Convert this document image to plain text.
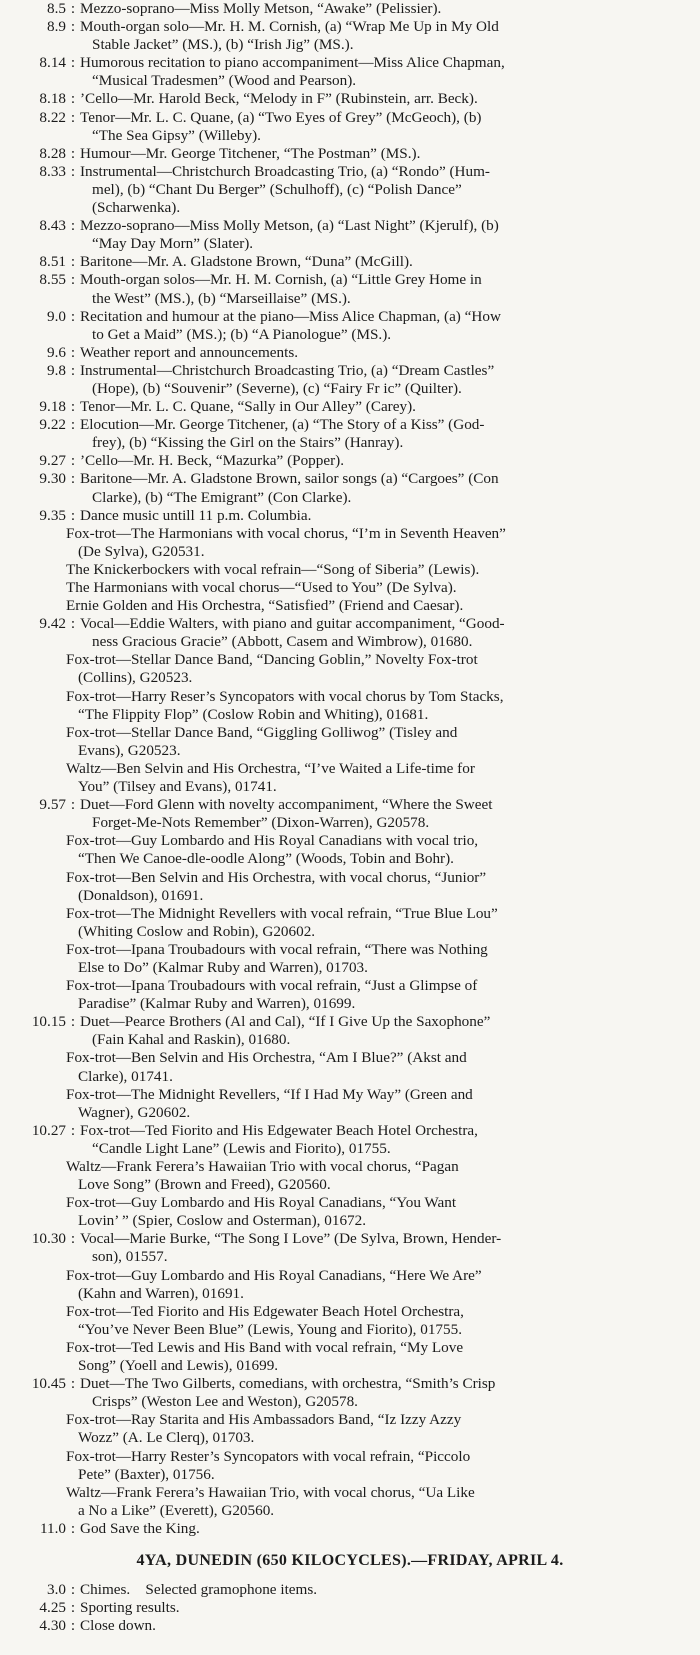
8.5 : Mezzo-soprano—Miss Molly Metson, “Awake” (Pelissier).
8.9 : Mouth-organ solo—Mr. H. M. Cornish, (a) “Wrap Me Up in My Old
Stable Jacket” (MS.), (b) “Irish Jig” (MS.).
8.14 : Humorous recitation to piano accompaniment—Miss Alice Chapman,
“Musical Tradesmen” (Wood and Pearson).
8.18 : ’Cello—Mr. Harold Beck, “Melody in F” (Rubinstein, arr. Beck).
8.22 : Tenor—Mr. L. C. Quane, (a) “Two Eyes of Grey” (McGeoch), (b)
“The Sea Gipsy” (Willeby).
8.28 : Humour—Mr. George Titchener, “The Postman” (MS.).
8.33 : Instrumental—Christchurch Broadcasting Trio, (a) “Rondo” (Hum-
mel), (b) “Chant Du Berger” (Schulhoff), (c) “Polish Dance”
(Scharwenka).
8.43 : Mezzo-soprano—Miss Molly Metson, (a) “Last Night” (Kjerulf), (b)
“May Day Morn” (Slater).
8.51 : Baritone—Mr. A. Gladstone Brown, “Duna” (McGill).
8.55 : Mouth-organ solos—Mr. H. M. Cornish, (a) “Little Grey Home in
the West” (MS.), (b) “Marseillaise” (MS.).
9.0 : Recitation and humour at the piano—Miss Alice Chapman, (a) “How
to Get a Maid” (MS.); (b) “A Pianologue” (MS.).
9.6 : Weather report and announcements.
9.8 : Instrumental—Christchurch Broadcasting Trio, (a) “Dream Castles”
(Hope), (b) “Souvenir” (Severne), (c) “Fairy Fr ic” (Quilter).
9.18 : Tenor—Mr. L. C. Quane, “Sally in Our Alley” (Carey).
9.22 : Elocution—Mr. George Titchener, (a) “The Story of a Kiss” (God-
frey), (b) “Kissing the Girl on the Stairs” (Hanray).
9.27 : ’Cello—Mr. H. Beck, “Mazurka” (Popper).
9.30 : Baritone—Mr. A. Gladstone Brown, sailor songs (a) “Cargoes” (Con
Clarke), (b) “The Emigrant” (Con Clarke).
9.35 : Dance music untill 11 p.m. Columbia.
Fox-trot—The Harmonians with vocal chorus, “I’m in Seventh Heaven”
(De Sylva), G20531.
The Knickerbockers with vocal refrain—“Song of Siberia” (Lewis).
The Harmonians with vocal chorus—“Used to You” (De Sylva).
Ernie Golden and His Orchestra, “Satisfied” (Friend and Caesar).
9.42 : Vocal—Eddie Walters, with piano and guitar accompaniment, “Good-
ness Gracious Gracie” (Abbott, Casem and Wimbrow), 01680.
Fox-trot—Stellar Dance Band, “Dancing Goblin,” Novelty Fox-trot
(Collins), G20523.
Fox-trot—Harry Reser’s Syncopators with vocal chorus by Tom Stacks,
“The Flippity Flop” (Coslow Robin and Whiting), 01681.
Fox-trot—Stellar Dance Band, “Giggling Golliwog” (Tisley and
Evans), G20523.
Waltz—Ben Selvin and His Orchestra, “I’ve Waited a Life-time for
You” (Tilsey and Evans), 01741.
9.57 : Duet—Ford Glenn with novelty accompaniment, “Where the Sweet
Forget-Me-Nots Remember” (Dixon-Warren), G20578.
Fox-trot—Guy Lombardo and His Royal Canadians with vocal trio,
“Then We Canoe-dle-oodle Along” (Woods, Tobin and Bohr).
Fox-trot—Ben Selvin and His Orchestra, with vocal chorus, “Junior”
(Donaldson), 01691.
Fox-trot—The Midnight Revellers with vocal refrain, “True Blue Lou”
(Whiting Coslow and Robin), G20602.
Fox-trot—Ipana Troubadours with vocal refrain, “There was Nothing
Else to Do” (Kalmar Ruby and Warren), 01703.
Fox-trot—Ipana Troubadours with vocal refrain, “Just a Glimpse of
Paradise” (Kalmar Ruby and Warren), 01699.
10.15 : Duet—Pearce Brothers (Al and Cal), “If I Give Up the Saxophone”
(Fain Kahal and Raskin), 01680.
Fox-trot—Ben Selvin and His Orchestra, “Am I Blue?” (Akst and
Clarke), 01741.
Fox-trot—The Midnight Revellers, “If I Had My Way” (Green and
Wagner), G20602.
10.27 : Fox-trot—Ted Fiorito and His Edgewater Beach Hotel Orchestra,
“Candle Light Lane” (Lewis and Fiorito), 01755.
Waltz—Frank Ferera’s Hawaiian Trio with vocal chorus, “Pagan
Love Song” (Brown and Freed), G20560.
Fox-trot—Guy Lombardo and His Royal Canadians, “You Want
Lovin’ ” (Spier, Coslow and Osterman), 01672.
10.30 : Vocal—Marie Burke, “The Song I Love” (De Sylva, Brown, Hender-
son), 01557.
Fox-trot—Guy Lombardo and His Royal Canadians, “Here We Are”
(Kahn and Warren), 01691.
Fox-trot—Ted Fiorito and His Edgewater Beach Hotel Orchestra,
“You’ve Never Been Blue” (Lewis, Young and Fiorito), 01755.
Fox-trot—Ted Lewis and His Band with vocal refrain, “My Love
Song” (Yoell and Lewis), 01699.
10.45 : Duet—The Two Gilberts, comedians, with orchestra, “Smith’s Crisp
Crisps” (Weston Lee and Weston), G20578.
Fox-trot—Ray Starita and His Ambassadors Band, “Iz Izzy Azzy
Wozz” (A. Le Clerq), 01703.
Fox-trot—Harry Rester’s Syncopators with vocal refrain, “Piccolo
Pete” (Baxter), 01756.
Waltz—Frank Ferera’s Hawaiian Trio, with vocal chorus, “Ua Like
a No a Like” (Everett), G20560.
11.0 : God Save the King.
4YA, DUNEDIN (650 KILOCYCLES).—FRIDAY, APRIL 4.
3.0 : Chimes.    Selected gramophone items.
4.25 : Sporting results.
4.30 : Close down.
